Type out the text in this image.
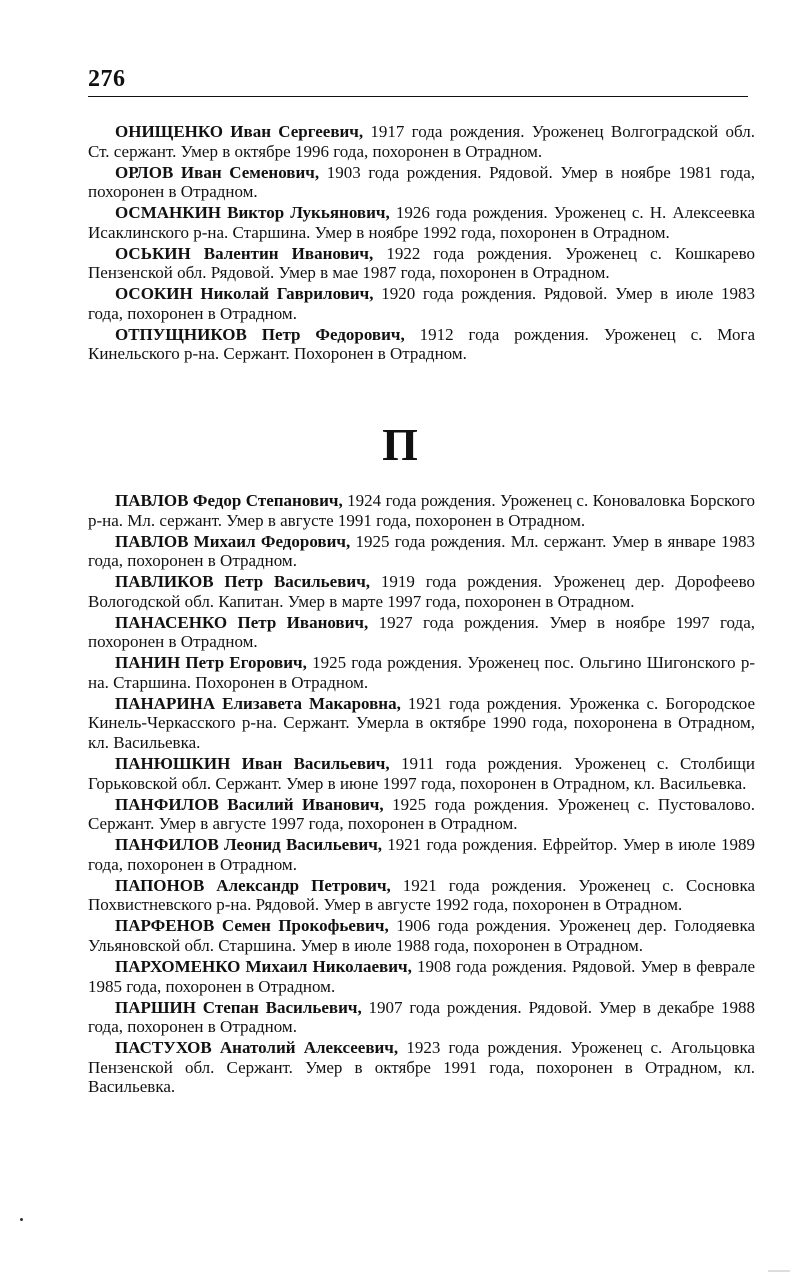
276

ОНИЩЕНКО Иван Сергеевич, 1917 года рождения. Уроженец Волгоградской обл. Ст. сержант. Умер в октябре 1996 года, похоронен в Отрадном.

ОРЛОВ Иван Семенович, 1903 года рождения. Рядовой. Умер в ноябре 1981 года, похоронен в Отрадном.

ОСМАНКИН Виктор Лукьянович, 1926 года рождения. Уроженец с. Н. Алексеевка Исаклинского р-на. Старшина. Умер в ноябре 1992 года, похоронен в Отрадном.

ОСЬКИН Валентин Иванович, 1922 года рождения. Уроженец с. Кошкарево Пензенской обл. Рядовой. Умер в мае 1987 года, похоронен в Отрадном.

ОСОКИН Николай Гаврилович, 1920 года рождения. Рядовой. Умер в июле 1983 года, похоронен в Отрадном.

ОТПУЩНИКОВ Петр Федорович, 1912 года рождения. Уроженец с. Мога Кинельского р-на. Сержант. Похоронен в Отрадном.

П

ПАВЛОВ Федор Степанович, 1924 года рождения. Уроженец с. Коноваловка Борского р-на. Мл. сержант. Умер в августе 1991 года, похоронен в Отрадном.

ПАВЛОВ Михаил Федорович, 1925 года рождения. Мл. сержант. Умер в январе 1983 года, похоронен в Отрадном.

ПАВЛИКОВ Петр Васильевич, 1919 года рождения. Уроженец дер. Дорофеево Вологодской обл. Капитан. Умер в марте 1997 года, похоронен в Отрадном.

ПАНАСЕНКО Петр Иванович, 1927 года рождения. Умер в ноябре 1997 года, похоронен в Отрадном.

ПАНИН Петр Егорович, 1925 года рождения. Уроженец пос. Ольгино Шигонского р-на. Старшина. Похоронен в Отрадном.

ПАНАРИНА Елизавета Макаровна, 1921 года рождения. Уроженка с. Богородское Кинель-Черкасского р-на. Сержант. Умерла в октябре 1990 года, похоронена в Отрадном, кл. Васильевка.

ПАНЮШКИН Иван Васильевич, 1911 года рождения. Уроженец с. Столбищи Горьковской обл. Сержант. Умер в июне 1997 года, похоронен в Отрадном, кл. Васильевка.

ПАНФИЛОВ Василий Иванович, 1925 года рождения. Уроженец с. Пустовалово. Сержант. Умер в августе 1997 года, похоронен в Отрадном.

ПАНФИЛОВ Леонид Васильевич, 1921 года рождения. Ефрейтор. Умер в июле 1989 года, похоронен в Отрадном.

ПАПОНОВ Александр Петрович, 1921 года рождения. Уроженец с. Сосновка Похвистневского р-на. Рядовой. Умер в августе 1992 года, похоронен в Отрадном.

ПАРФЕНОВ Семен Прокофьевич, 1906 года рождения. Уроженец дер. Голодяевка Ульяновской обл. Старшина. Умер в июле 1988 года, похоронен в Отрадном.

ПАРХОМЕНКО Михаил Николаевич, 1908 года рождения. Рядовой. Умер в феврале 1985 года, похоронен в Отрадном.

ПАРШИН Степан Васильевич, 1907 года рождения. Рядовой. Умер в декабре 1988 года, похоронен в Отрадном.

ПАСТУХОВ Анатолий Алексеевич, 1923 года рождения. Уроженец с. Агольцовка Пензенской обл. Сержант. Умер в октябре 1991 года, похоронен в Отрадном, кл. Васильевка.
